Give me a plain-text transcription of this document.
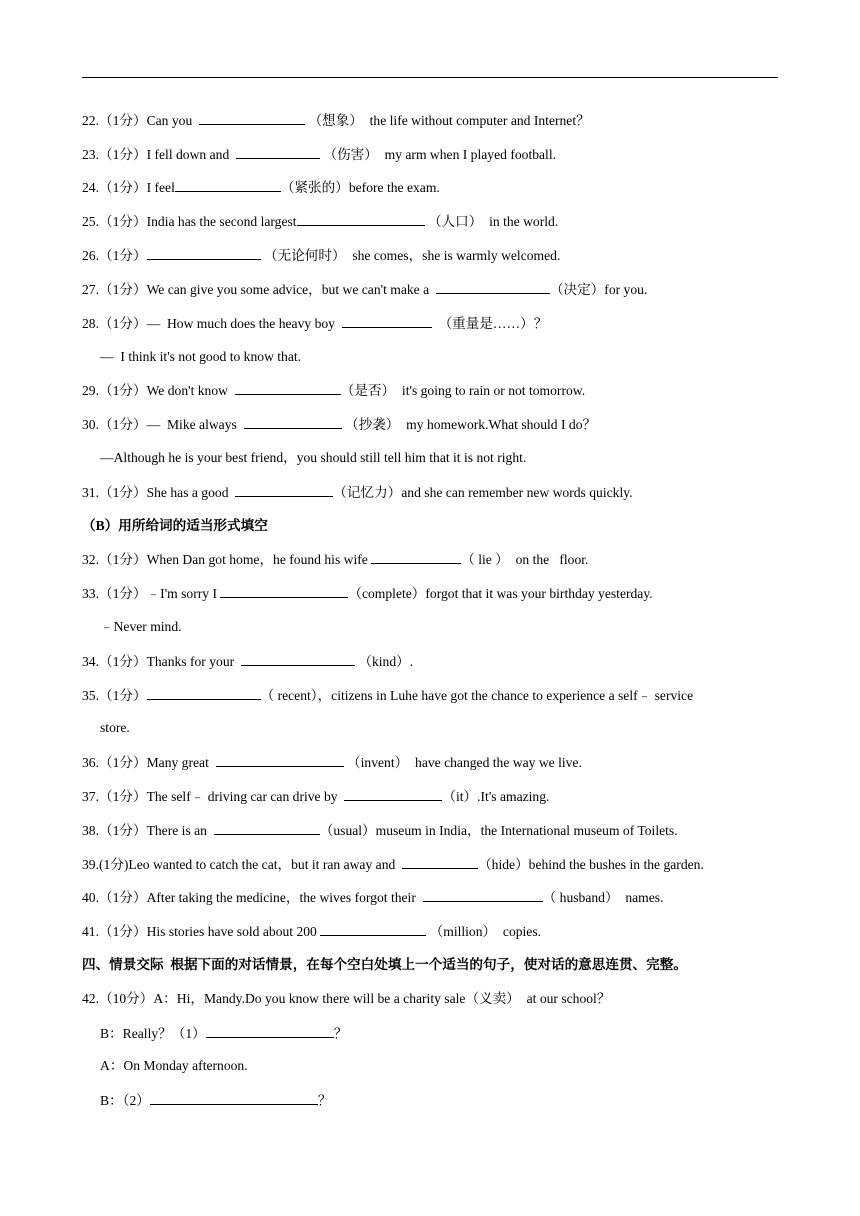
22.（1分）Can you	（想象）  the life without computer and Internet？
23.（1分）I fell down and	（伤害）  my arm when I played football.
24.（1分）I feel	（紧张的）before the exam.
25.（1分）India has the second largest	（人口）  in the world.
26.（1分）	（无论何时）  she comes，she is warmly welcomed.
27.（1分）We can give you some advice，but we can't make a	（决定）for you.
28.（1分）—  How much does the heavy boy	（重量是……）？
—  I think it's not good to know that.
29.（1分）We don't know	（是否）  it's going to rain or not tomorrow.
30.（1分）—  Mike always	（抄袭）  my homework.What should I do？
—Although he is your best friend，you should still tell him that it is not right.
31.（1分）She has a good	（记忆力）and she can remember new words quickly.
（B）用所给词的适当形式填空
32.（1分）When Dan got home，he found his wife	（ lie ）  on the   floor.
33.（1分）﹣I'm sorry I	（complete）forgot that it was your birthday yesterday.
﹣Never mind.
34.（1分）Thanks for your	（kind）.
35.（1分）	（ recent），citizens in Luhe have got the chance to experience a self﹣ service
store.
36.（1分）Many great	（invent）  have changed the way we live.
37.（1分）The self﹣ driving car can drive by	（it）.It's amazing.
38.（1分）There is an	（usual）museum in India，the International museum of Toilets.
39.(1分)Leo wanted to catch the cat，but it ran away and	（hide）behind the bushes in the garden.
40.（1分）After taking the medicine，the wives forgot their	（ husband）  names.
41.（1分）His stories have sold about 200	（million）  copies.
四、情景交际  根据下面的对话情景，在每个空白处填上一个适当的句子，使对话的意思连贯、完整。
42.（10分）A：Hi，Mandy.Do you know there will be a charity sale（义卖）  at our school？
B：Really？（1）	？
A：On Monday afternoon.
B：（2）	？
